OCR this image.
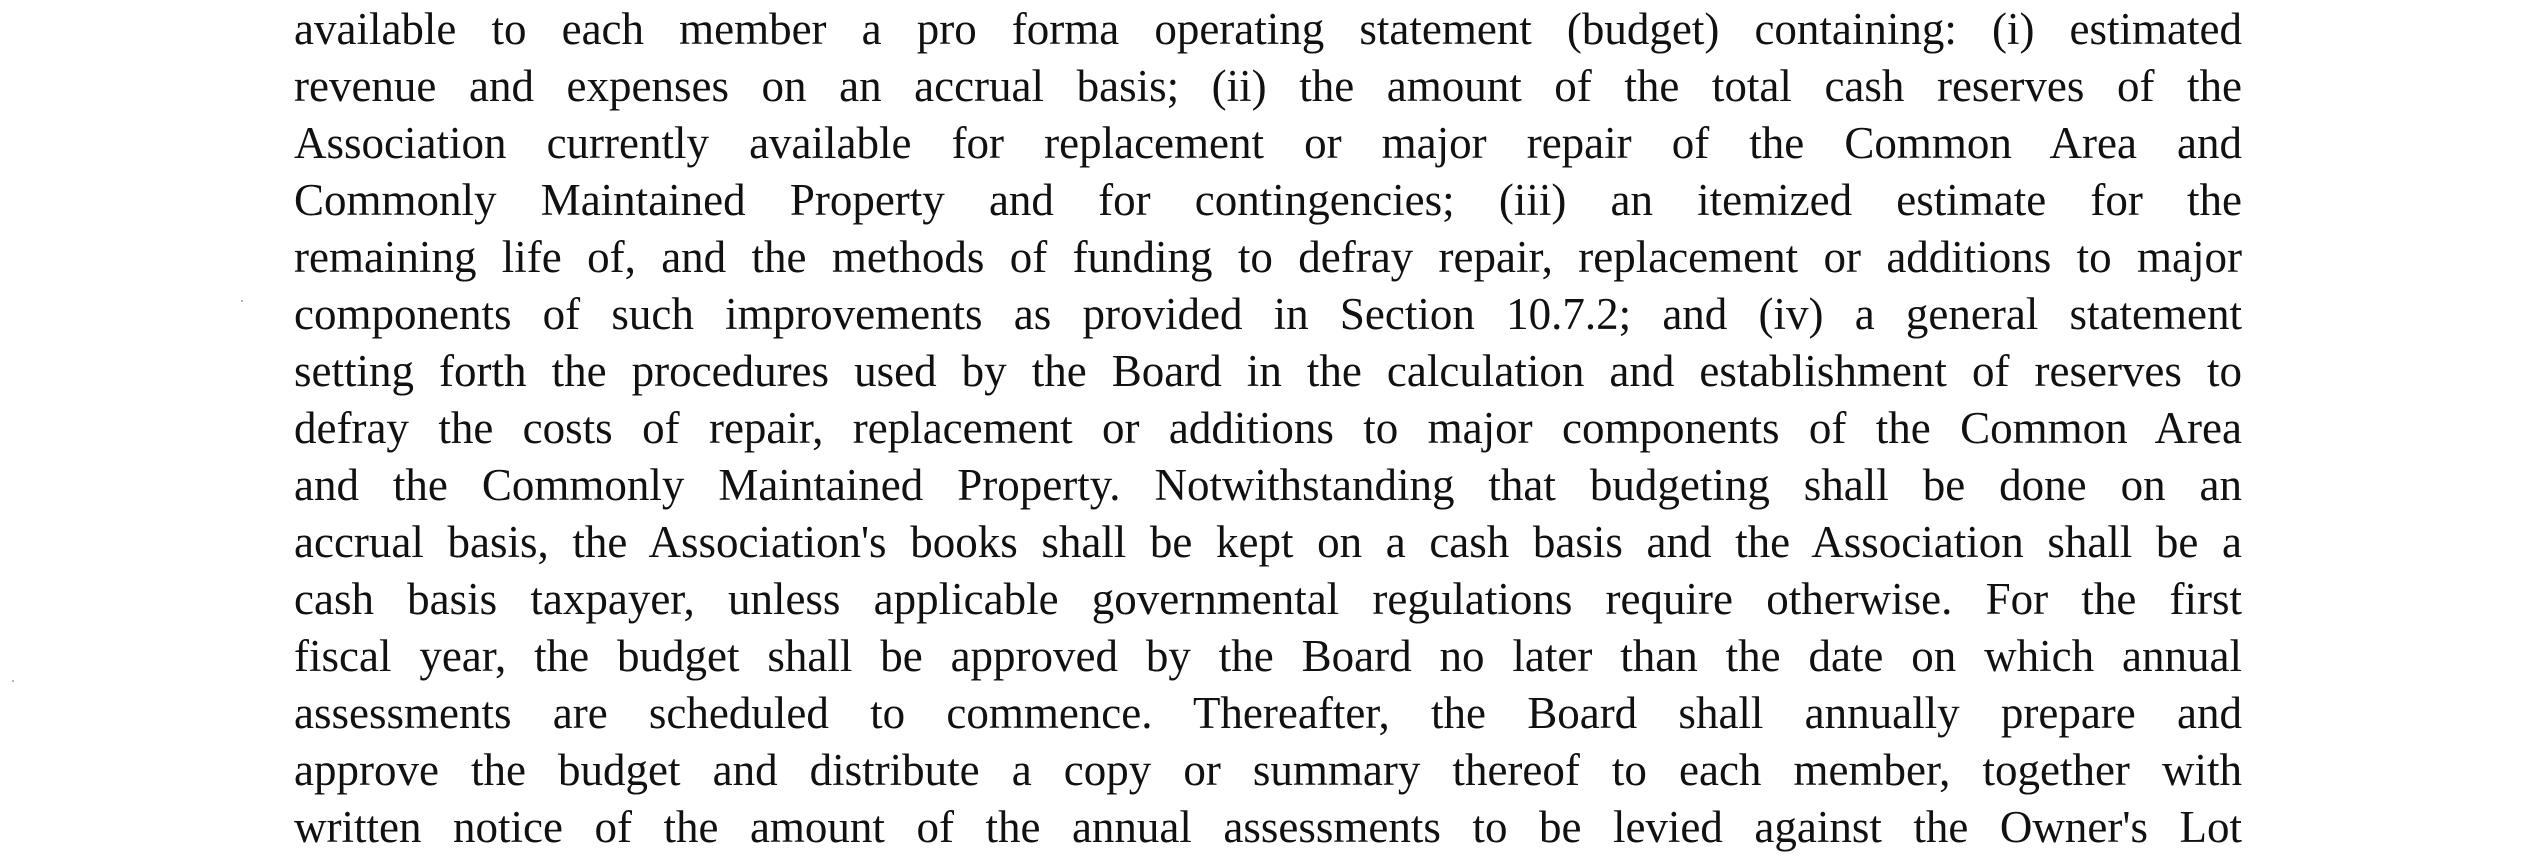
available to each member a pro forma operating statement (budget) containing: (i) estimated
revenue and expenses on an accrual basis; (ii) the amount of the total cash reserves of the
Association currently available for replacement or major repair of the Common Area and
Commonly Maintained Property and for contingencies; (iii) an itemized estimate for the
remaining life of, and the methods of funding to defray repair, replacement or additions to major
components of such improvements as provided in Section 10.7.2; and (iv) a general statement
setting forth the procedures used by the Board in the calculation and establishment of reserves to
defray the costs of repair, replacement or additions to major components of the Common Area
and the Commonly Maintained Property. Notwithstanding that budgeting shall be done on an
accrual basis, the Association's books shall be kept on a cash basis and the Association shall be a
cash basis taxpayer, unless applicable governmental regulations require otherwise. For the first
fiscal year, the budget shall be approved by the Board no later than the date on which annual
assessments are scheduled to commence. Thereafter, the Board shall annually prepare and
approve the budget and distribute a copy or summary thereof to each member, together with
written notice of the amount of the annual assessments to be levied against the Owner's Lot
